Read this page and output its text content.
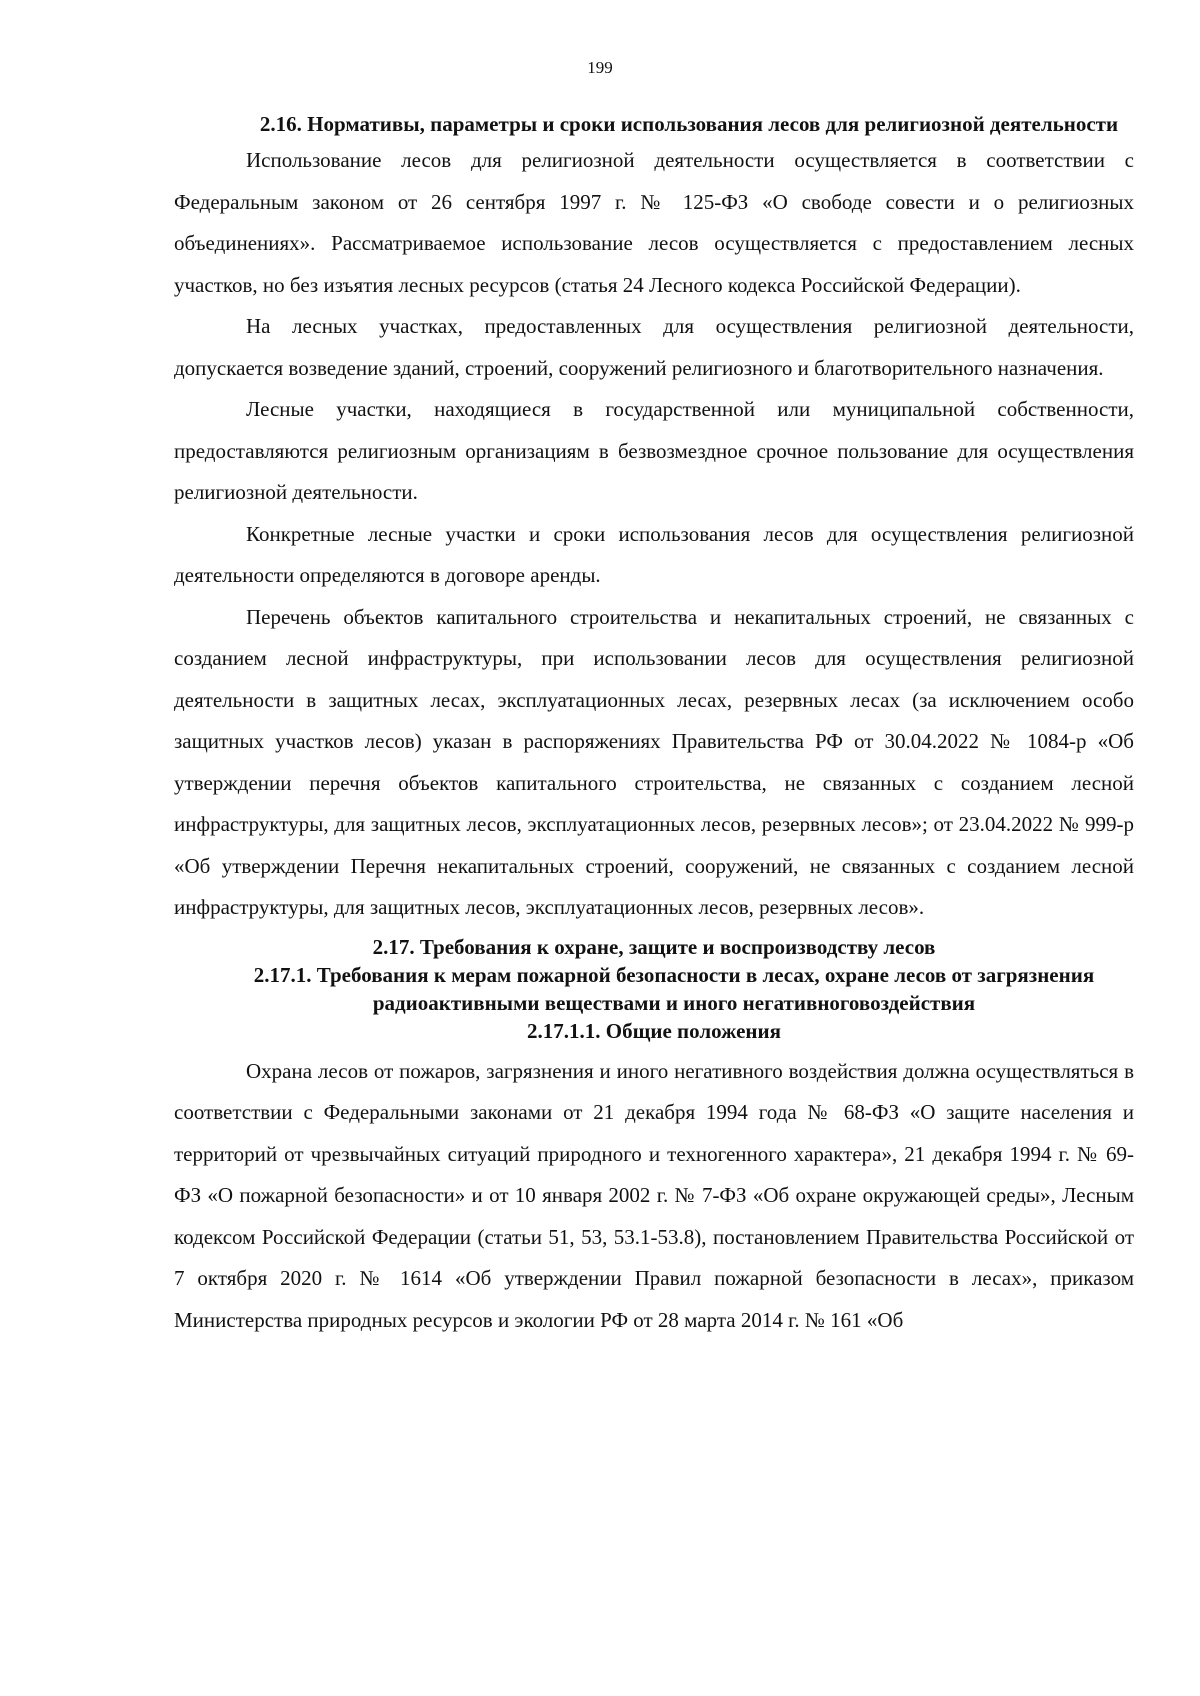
199

2.16. Нормативы, параметры и сроки использования лесов для религиозной деятельности

Использование лесов для религиозной деятельности осуществляется в соответствии с Федеральным законом от 26 сентября 1997 г. № 125-ФЗ «О свободе совести и о религиозных объединениях». Рассматриваемое использование лесов осуществляется с предоставлением лесных участков, но без изъятия лесных ресурсов (статья 24 Лесного кодекса Российской Федерации).

На лесных участках, предоставленных для осуществления религиозной деятельности, допускается возведение зданий, строений, сооружений религиозного и благотворительного назначения.

Лесные участки, находящиеся в государственной или муниципальной собственности, предоставляются религиозным организациям в безвозмездное срочное пользование для осуществления религиозной деятельности.

Конкретные лесные участки и сроки использования лесов для осуществления религиозной деятельности определяются в договоре аренды.

Перечень объектов капитального строительства и некапитальных строений, не связанных с созданием лесной инфраструктуры, при использовании лесов для осуществления религиозной деятельности в защитных лесах, эксплуатационных лесах, резервных лесах (за исключением особо защитных участков лесов) указан в распоряжениях Правительства РФ от 30.04.2022 № 1084-р «Об утверждении перечня объектов капитального строительства, не связанных с созданием лесной инфраструктуры, для защитных лесов, эксплуатационных лесов, резервных лесов»; от 23.04.2022 № 999-р «Об утверждении Перечня некапитальных строений, сооружений, не связанных с созданием лесной инфраструктуры, для защитных лесов, эксплуатационных лесов, резервных лесов».

2.17. Требования к охране, защите и воспроизводству лесов

2.17.1. Требования к мерам пожарной безопасности в лесах, охране лесов от загрязнения радиоактивными веществами и иного негативноговоздействия

2.17.1.1. Общие положения

Охрана лесов от пожаров, загрязнения и иного негативного воздействия должна осуществляться в соответствии с Федеральными законами от 21 декабря 1994 года № 68-ФЗ «О защите населения и территорий от чрезвычайных ситуаций природного и техногенного характера», 21 декабря 1994 г. № 69-ФЗ «О пожарной безопасности» и от 10 января 2002 г. № 7-ФЗ «Об охране окружающей среды», Лесным кодексом Российской Федерации (статьи 51, 53, 53.1-53.8), постановлением Правительства Российской от 7 октября 2020 г. № 1614 «Об утверждении Правил пожарной безопасности в лесах», приказом Министерства природных ресурсов и экологии РФ от 28 марта 2014 г. № 161 «Об
